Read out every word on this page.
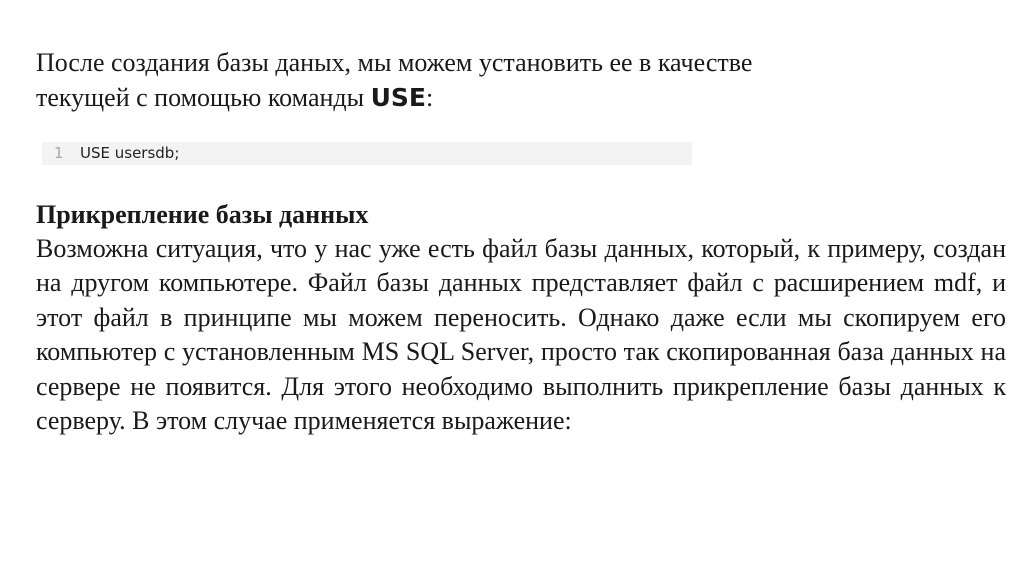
После создания базы даных, мы можем установить ее в качестве
текущей с помощью команды USE:
1 USE usersdb;
Прикрепление базы данных
Возможна ситуация, что у нас уже есть файл базы данных, который, к примеру, создан на другом компьютере. Файл базы данных представляет файл с расширением mdf, и этот файл в принципе мы можем переносить. Однако даже если мы скопируем его компьютер с установленным MS SQL Server, просто так скопированная база данных на сервере не появится. Для этого необходимо выполнить прикрепление базы данных к серверу. В этом случае применяется выражение:
